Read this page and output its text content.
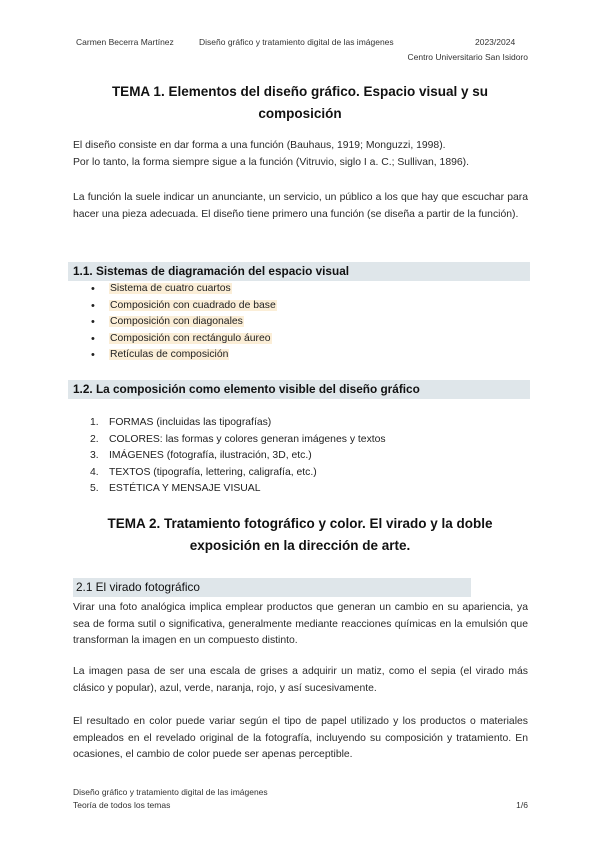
Carmen Becerra Martínez	Diseño gráfico y tratamiento digital de las imágenes	2023/2024
Centro Universitario San Isidoro
TEMA 1. Elementos del diseño gráfico. Espacio visual y su
composición
El diseño consiste en dar forma a una función (Bauhaus, 1919; Monguzzi, 1998).
Por lo tanto, la forma siempre sigue a la función (Vitruvio, siglo I a. C.; Sullivan, 1896).
La función la suele indicar un anunciante, un servicio, un público a los que hay que escuchar para hacer una pieza adecuada. El diseño tiene primero una función (se diseña a partir de la función).
1.1. Sistemas de diagramación del espacio visual
• Sistema de cuatro cuartos
• Composición con cuadrado de base
• Composición con diagonales
• Composición con rectángulo áureo
• Retículas de composición
1.2. La composición como elemento visible del diseño gráfico
1. FORMAS (incluidas las tipografías)
2. COLORES: las formas y colores generan imágenes y textos
3. IMÁGENES (fotografía, ilustración, 3D, etc.)
4. TEXTOS (tipografía, lettering, caligrafía, etc.)
5. ESTÉTICA Y MENSAJE VISUAL
TEMA 2. Tratamiento fotográfico y color. El virado y la doble
exposición en la dirección de arte.
2.1 El virado fotográfico
Virar una foto analógica implica emplear productos que generan un cambio en su apariencia, ya sea de forma sutil o significativa, generalmente mediante reacciones químicas en la emulsión que transforman la imagen en un compuesto distinto.
La imagen pasa de ser una escala de grises a adquirir un matiz, como el sepia (el virado más clásico y popular), azul, verde, naranja, rojo, y así sucesivamente.
El resultado en color puede variar según el tipo de papel utilizado y los productos o materiales empleados en el revelado original de la fotografía, incluyendo su composición y tratamiento. En ocasiones, el cambio de color puede ser apenas perceptible.
Diseño gráfico y tratamiento digital de las imágenes
Teoría de todos los temas	1/6
